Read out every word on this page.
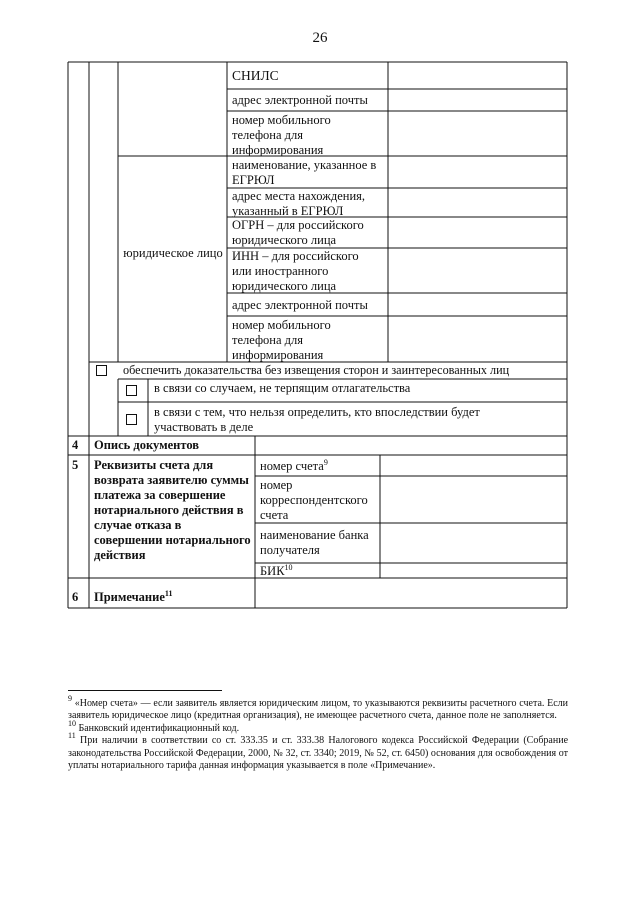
26
СНИЛС
адрес электронной почты
номер мобильного телефона для информирования
юридическое лицо
наименование, указанное в ЕГРЮЛ
адрес места нахождения, указанный в ЕГРЮЛ
ОГРН – для российского юридического лица
ИНН – для российского или иностранного юридического лица
адрес электронной почты
номер мобильного телефона для информирования
обеспечить доказательства без извещения сторон и заинтересованных лиц
в связи со случаем, не терпящим отлагательства
в связи с тем, что нельзя определить, кто впоследствии будет участвовать в деле
4	Опись документов
5	Реквизиты счета для возврата заявителю суммы платежа за совершение нотариального действия в случае отказа в совершении нотариального действия
номер счета$^9$
номер корреспондентского счета
наименование банка получателя
БИК$^{10}$
6	Примечание$^{11}$

$^9$ «Номер счета» — если заявитель является юридическим лицом, то указываются реквизиты расчетного счета. Если заявитель юридическое лицо (кредитная организация), не имеющее расчетного счета, данное поле не заполняется.

$^{10}$ Банковский идентификационный код.

$^{11}$ При наличии в соответствии со ст. 333.35 и ст. 333.38 Налогового кодекса Российской Федерации (Собрание законодательства Российской Федерации, 2000, № 32, ст. 3340; 2019, № 52, ст. 6450) основания для освобождения от уплаты нотариального тарифа данная информация указывается в поле «Примечание».
